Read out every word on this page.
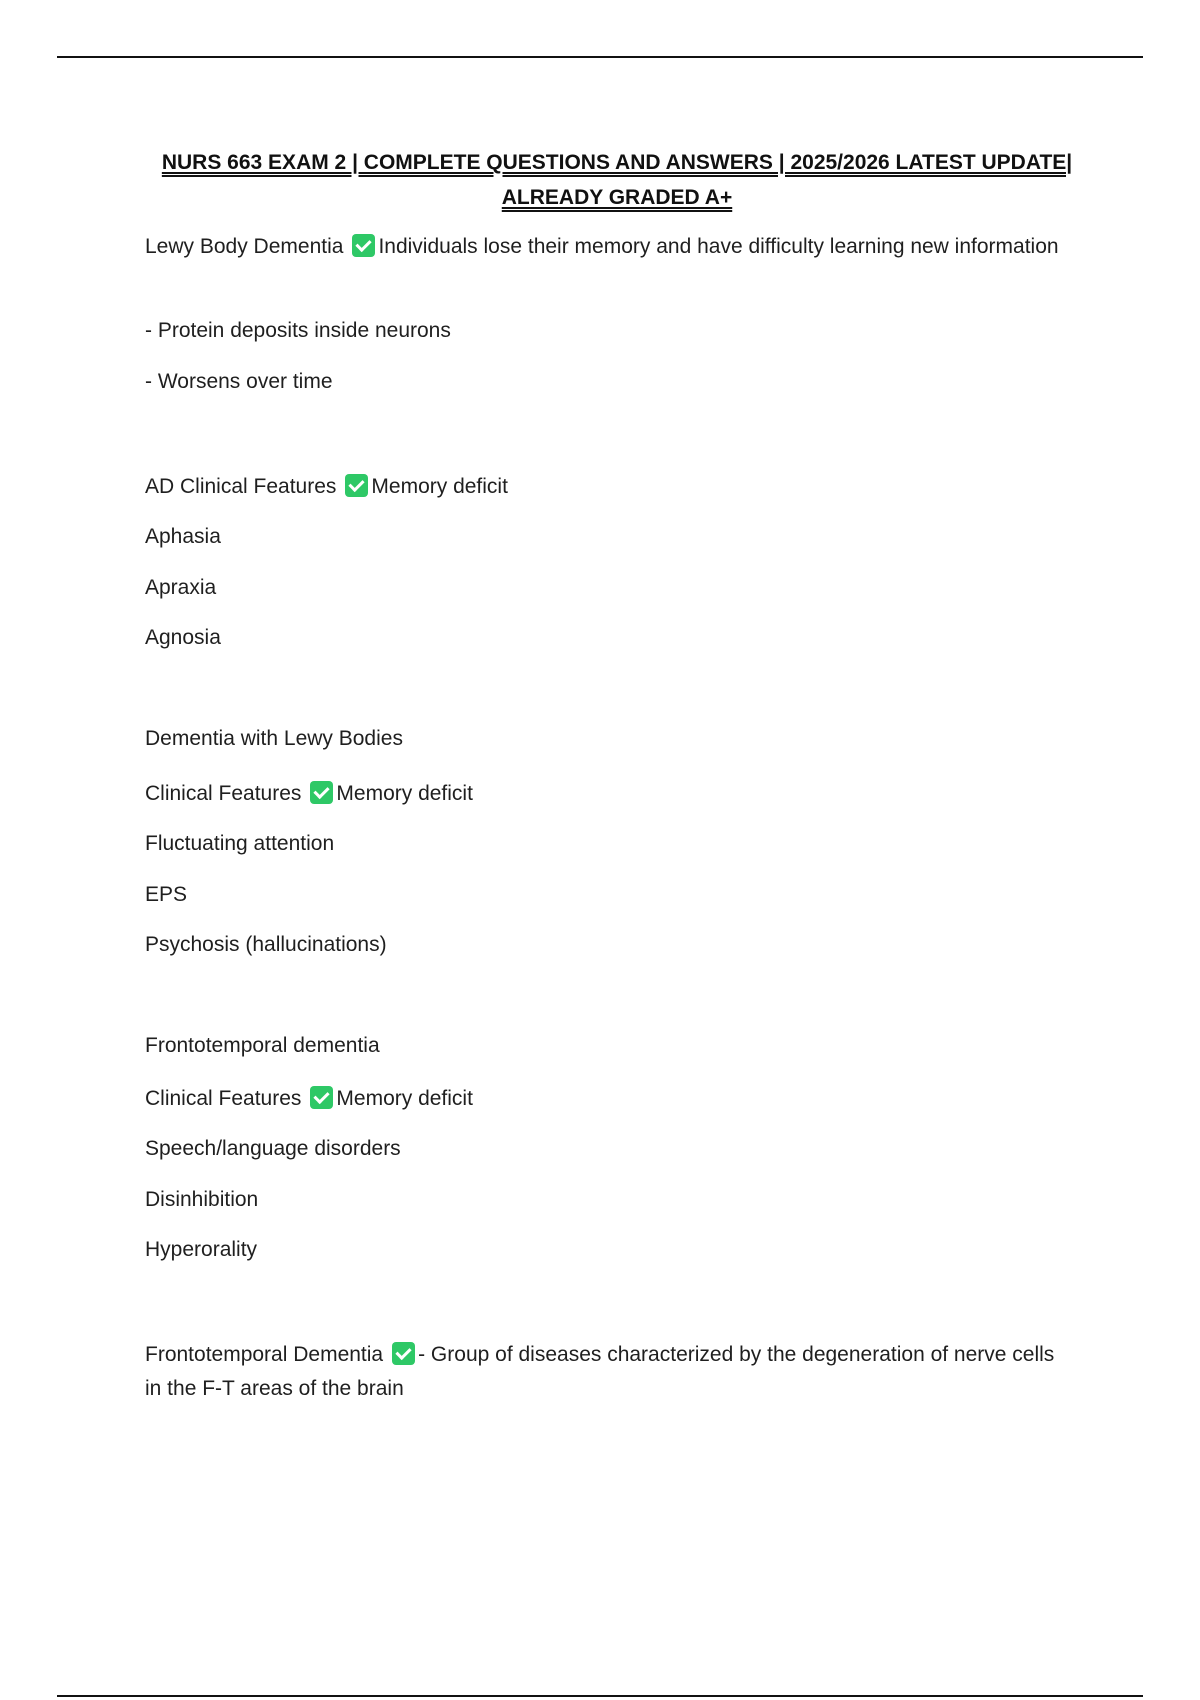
NURS 663 EXAM 2 | COMPLETE QUESTIONS AND ANSWERS | 2025/2026 LATEST UPDATE|
ALREADY GRADED A+
Lewy Body Dementia Individuals lose their memory and have difficulty learning new information
- Protein deposits inside neurons
- Worsens over time
AD Clinical Features Memory deficit
Aphasia
Apraxia
Agnosia
Dementia with Lewy Bodies
Clinical Features Memory deficit
Fluctuating attention
EPS
Psychosis (hallucinations)
Frontotemporal dementia
Clinical Features Memory deficit
Speech/language disorders
Disinhibition
Hyperorality
Frontotemporal Dementia - Group of diseases characterized by the degeneration of nerve cells in the F-T areas of the brain
